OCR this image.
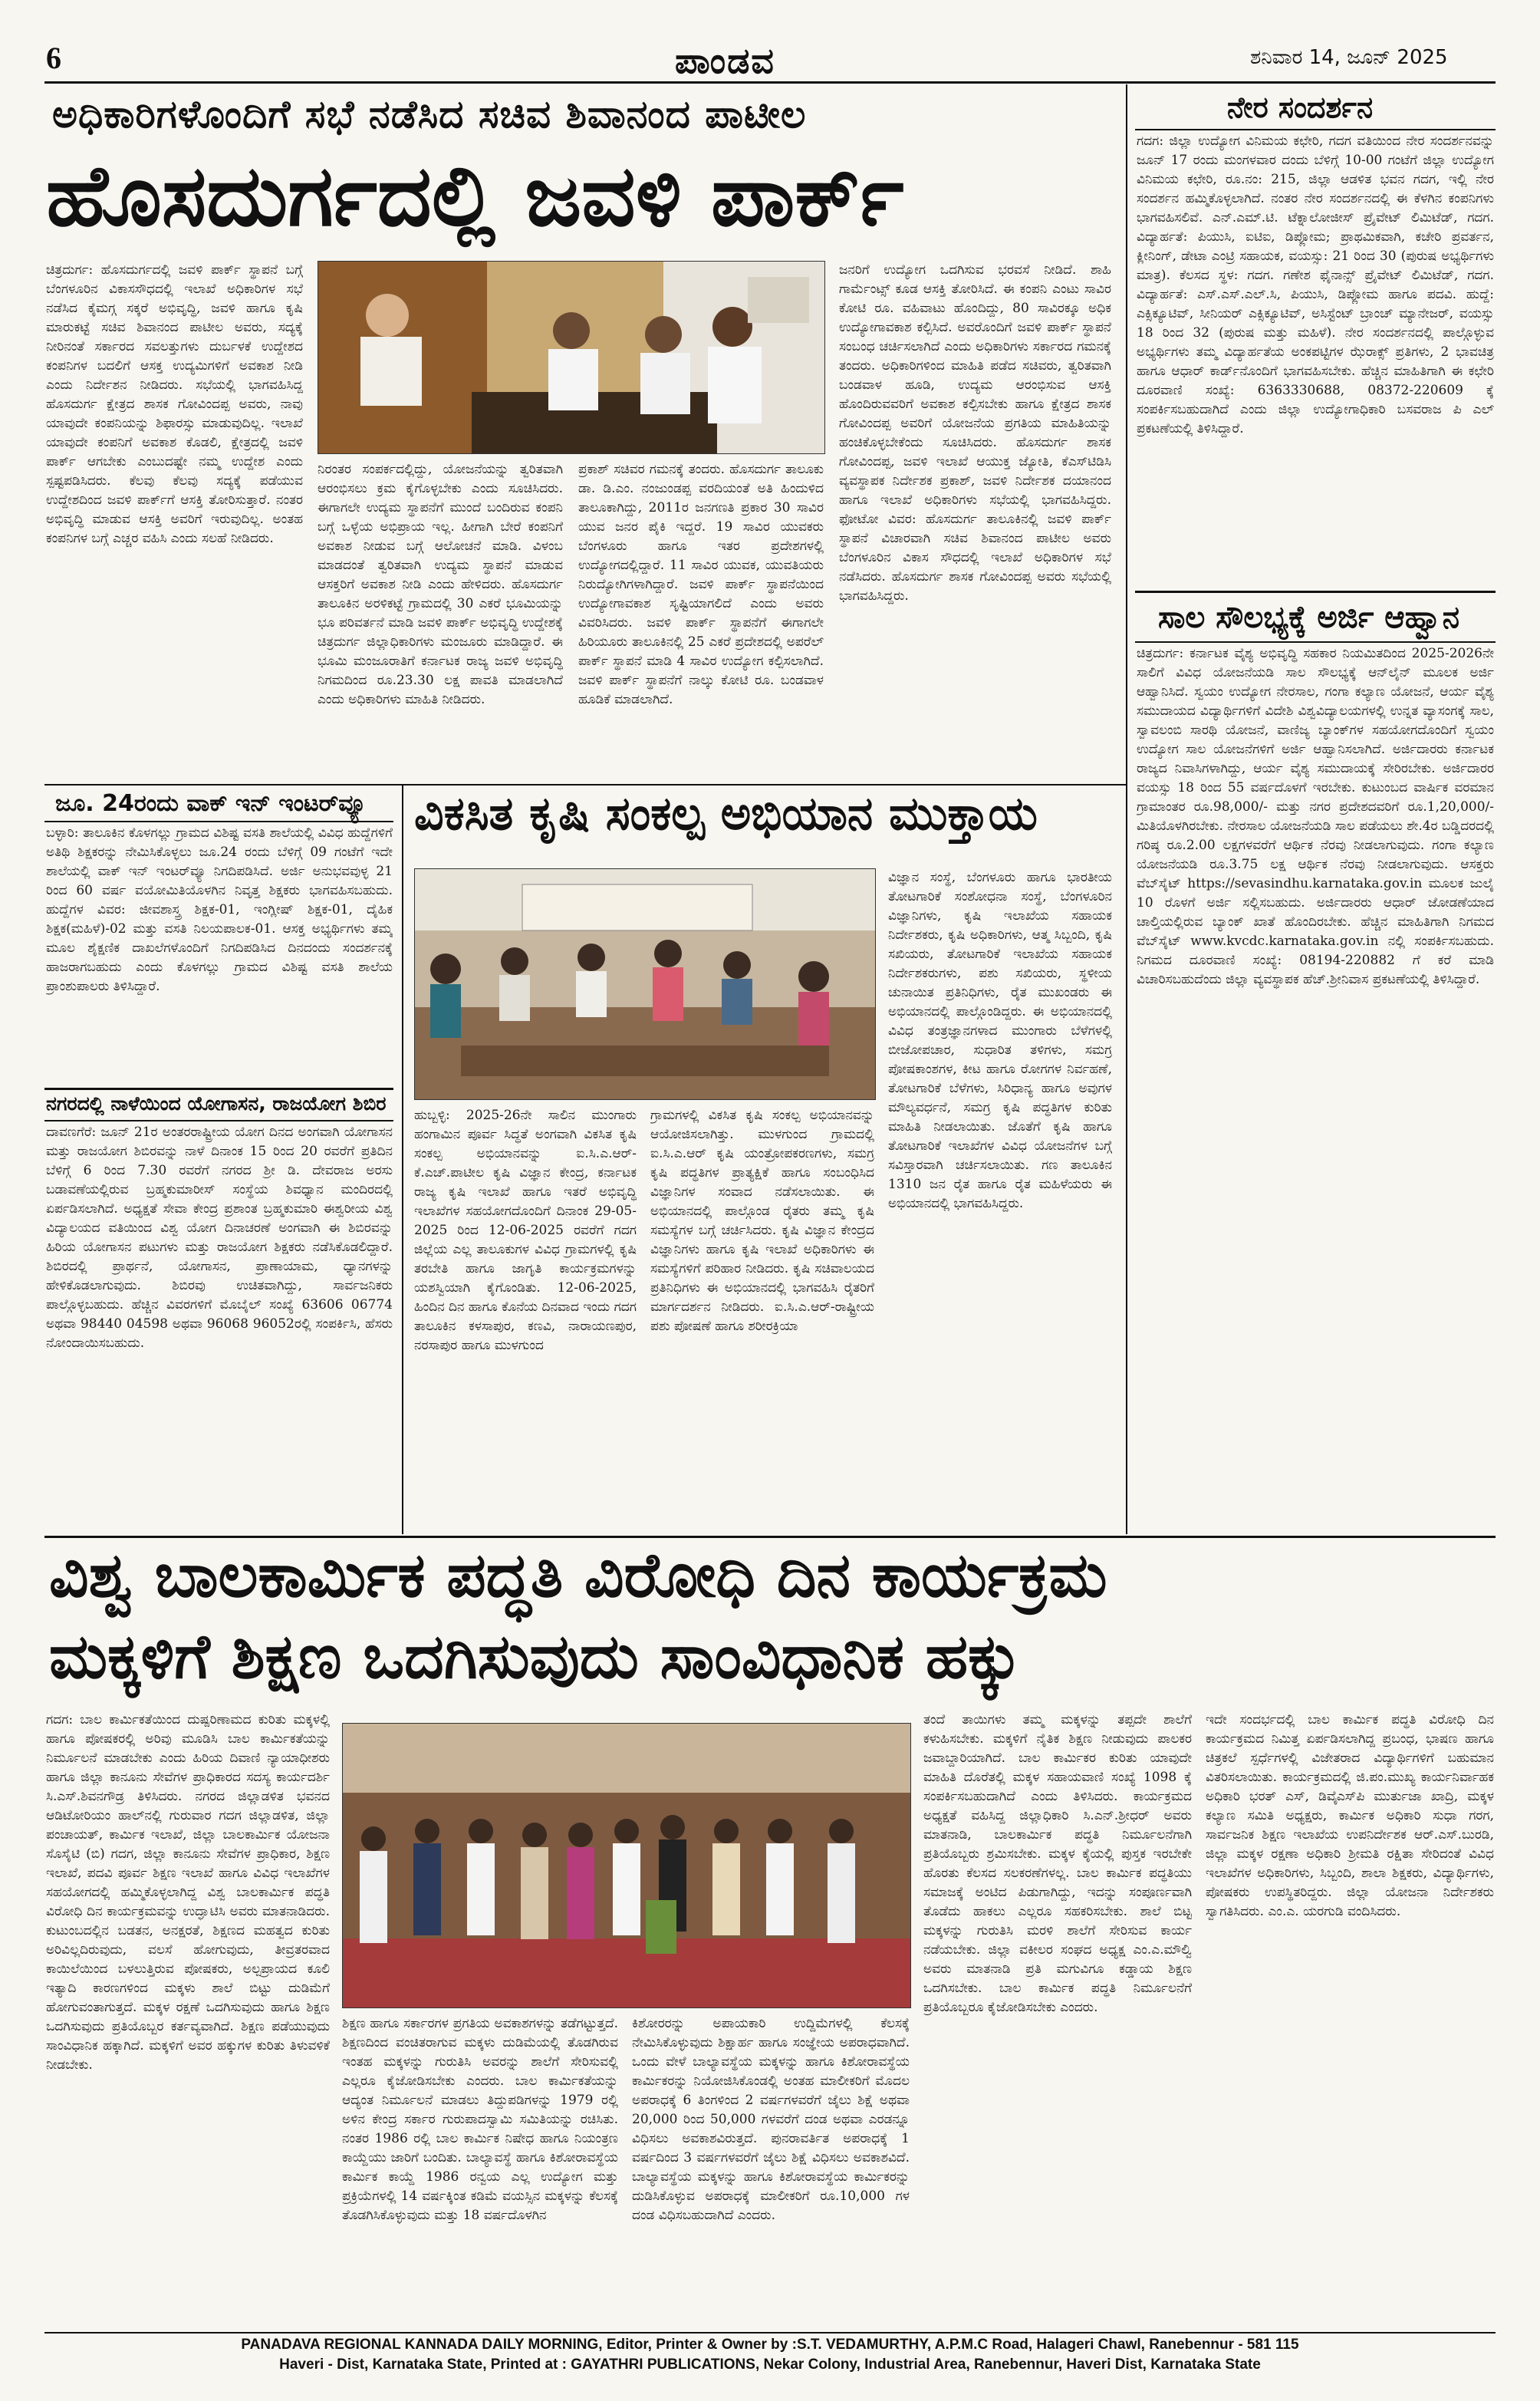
6	ಪಾಂಡವ	ಶನಿವಾರ 14, ಜೂನ್ 2025
ಅಧಿಕಾರಿಗಳೊಂದಿಗೆ ಸಭೆ ನಡೆಸಿದ ಸಚಿವ ಶಿವಾನಂದ ಪಾಟೀಲ
ಹೊಸದುರ್ಗದಲ್ಲಿ ಜವಳಿ ಪಾರ್ಕ್
ಚಿತ್ರದುರ್ಗ: ಹೊಸದುರ್ಗದಲ್ಲಿ ಜವಳಿ ಪಾರ್ಕ್ ಸ್ಥಾಪನೆ ಬಗ್ಗೆ ಬೆಂಗಳೂರಿನ ವಿಕಾಸಸೌಧದಲ್ಲಿ ಇಲಾಖೆ ಅಧಿಕಾರಿಗಳ ಸಭೆ ನಡೆಸಿದ ಕೈಮಗ್ಗ ಸಕ್ಕರೆ ಅಭಿವೃದ್ಧಿ, ಜವಳಿ ಹಾಗೂ ಕೃಷಿ ಮಾರುಕಟ್ಟೆ ಸಚಿವ ಶಿವಾನಂದ ಪಾಟೀಲ ಅವರು, ಸದ್ಯಕ್ಕೆ ನೀರಿನಂತೆ ಸರ್ಕಾರದ ಸವಲತ್ತುಗಳು ದುರ್ಬಳಕೆ ಉದ್ದೇಶದ ಕಂಪನಿಗಳ ಬದಲಿಗೆ ಆಸಕ್ತ ಉದ್ಯಮಿಗಳಿಗೆ ಅವಕಾಶ ನೀಡಿ ಎಂದು ನಿರ್ದೇಶನ ನೀಡಿದರು. ಸಭೆಯಲ್ಲಿ ಭಾಗವಹಿಸಿದ್ದ ಹೊಸದುರ್ಗ ಕ್ಷೇತ್ರದ ಶಾಸಕ ಗೋವಿಂದಪ್ಪ ಅವರು, ನಾವು ಯಾವುದೇ ಕಂಪನಿಯನ್ನು ಶಿಫಾರಸ್ಸು ಮಾಡುವುದಿಲ್ಲ. ಇಲಾಖೆ ಯಾವುದೇ ಕಂಪನಿಗೆ ಅವಕಾಶ ಕೊಡಲಿ, ಕ್ಷೇತ್ರದಲ್ಲಿ ಜವಳಿ ಪಾರ್ಕ್ ಆಗಬೇಕು ಎಂಬುದಷ್ಟೇ ನಮ್ಮ ಉದ್ದೇಶ ಎಂದು ಸ್ಪಷ್ಟಪಡಿಸಿದರು. ಕೆಲವು ಕೆಲವು ಸದ್ಯಕ್ಕೆ ಪಡೆಯುವ ಉದ್ದೇಶದಿಂದ ಜವಳಿ ಪಾರ್ಕ್‌ಗೆ ಆಸಕ್ತಿ ತೋರಿಸುತ್ತಾರೆ. ನಂತರ ಅಭಿವೃದ್ಧಿ ಮಾಡುವ ಆಸಕ್ತಿ ಅವರಿಗೆ ಇರುವುದಿಲ್ಲ. ಅಂತಹ ಕಂಪನಿಗಳ ಬಗ್ಗೆ ಎಚ್ಚರ ವಹಿಸಿ ಎಂದು ಸಲಹೆ ನೀಡಿದರು.
ನಿರಂತರ ಸಂಪರ್ಕದಲ್ಲಿದ್ದು, ಯೋಜನೆಯನ್ನು ತ್ವರಿತವಾಗಿ ಆರಂಭಿಸಲು ಕ್ರಮ ಕೈಗೊಳ್ಳಬೇಕು ಎಂದು ಸೂಚಿಸಿದರು. ಈಗಾಗಲೇ ಉದ್ಯಮ ಸ್ಥಾಪನೆಗೆ ಮುಂದೆ ಬಂದಿರುವ ಕಂಪನಿ ಬಗ್ಗೆ ಒಳ್ಳೆಯ ಅಭಿಪ್ರಾಯ ಇಲ್ಲ. ಹೀಗಾಗಿ ಬೇರೆ ಕಂಪನಿಗೆ ಅವಕಾಶ ನೀಡುವ ಬಗ್ಗೆ ಆಲೋಚನೆ ಮಾಡಿ. ವಿಳಂಬ ಮಾಡದಂತೆ ತ್ವರಿತವಾಗಿ ಉದ್ಯಮ ಸ್ಥಾಪನೆ ಮಾಡುವ ಆಸಕ್ತರಿಗೆ ಅವಕಾಶ ನೀಡಿ ಎಂದು ಹೇಳಿದರು. ಹೊಸದುರ್ಗ ತಾಲೂಕಿನ ಅರಳಿಕಟ್ಟೆ ಗ್ರಾಮದಲ್ಲಿ 30 ಎಕರೆ ಭೂಮಿಯನ್ನು ಭೂ ಪರಿವರ್ತನೆ ಮಾಡಿ ಜವಳಿ ಪಾರ್ಕ್ ಅಭಿವೃದ್ಧಿ ಉದ್ದೇಶಕ್ಕೆ ಚಿತ್ರದುರ್ಗ ಜಿಲ್ಲಾಧಿಕಾರಿಗಳು ಮಂಜೂರು ಮಾಡಿದ್ದಾರೆ. ಈ ಭೂಮಿ ಮಂಜೂರಾತಿಗೆ ಕರ್ನಾಟಕ ರಾಜ್ಯ ಜವಳಿ ಅಭಿವೃದ್ಧಿ ನಿಗಮದಿಂದ ರೂ.23.30 ಲಕ್ಷ ಪಾವತಿ ಮಾಡಲಾಗಿದೆ ಎಂದು ಅಧಿಕಾರಿಗಳು ಮಾಹಿತಿ ನೀಡಿದರು.
ಪ್ರಕಾಶ್ ಸಚಿವರ ಗಮನಕ್ಕೆ ತಂದರು. ಹೊಸದುರ್ಗ ತಾಲೂಕು ಡಾ. ಡಿ.ಎಂ. ನಂಜುಂಡಪ್ಪ ವರದಿಯಂತೆ ಅತಿ ಹಿಂದುಳಿದ ತಾಲೂಕಾಗಿದ್ದು, 2011ರ ಜನಗಣತಿ ಪ್ರಕಾರ 30 ಸಾವಿರ ಯುವ ಜನರ ಪೈಕಿ ಇದ್ದರೆ. 19 ಸಾವಿರ ಯುವಕರು ಬೆಂಗಳೂರು ಹಾಗೂ ಇತರ ಪ್ರದೇಶಗಳಲ್ಲಿ ಉದ್ಯೋಗದಲ್ಲಿದ್ದಾರೆ. 11 ಸಾವಿರ ಯುವಕ, ಯುವತಿಯರು ನಿರುದ್ಯೋಗಿಗಳಾಗಿದ್ದಾರೆ. ಜವಳಿ ಪಾರ್ಕ್ ಸ್ಥಾಪನೆಯಿಂದ ಉದ್ಯೋಗಾವಕಾಶ ಸೃಷ್ಟಿಯಾಗಲಿದೆ ಎಂದು ಅವರು ವಿವರಿಸಿದರು. ಜವಳಿ ಪಾರ್ಕ್ ಸ್ಥಾಪನೆಗೆ ಈಗಾಗಲೇ ಹಿರಿಯೂರು ತಾಲೂಕಿನಲ್ಲಿ 25 ಎಕರೆ ಪ್ರದೇಶದಲ್ಲಿ ಅಪರೆಲ್ ಪಾರ್ಕ್ ಸ್ಥಾಪನೆ ಮಾಡಿ 4 ಸಾವಿರ ಉದ್ಯೋಗ ಕಲ್ಪಿಸಲಾಗಿದೆ. ಜವಳಿ ಪಾರ್ಕ್ ಸ್ಥಾಪನೆಗೆ ನಾಲ್ಕು ಕೋಟಿ ರೂ. ಬಂಡವಾಳ ಹೂಡಿಕೆ ಮಾಡಲಾಗಿದೆ.
ಜನರಿಗೆ ಉದ್ಯೋಗ ಒದಗಿಸುವ ಭರವಸೆ ನೀಡಿದೆ. ಶಾಹಿ ಗಾರ್ಮೆಂಟ್ಸ್ ಕೂಡ ಆಸಕ್ತಿ ತೋರಿಸಿದೆ. ಈ ಕಂಪನಿ ಎಂಟು ಸಾವಿರ ಕೋಟಿ ರೂ. ವಹಿವಾಟು ಹೊಂದಿದ್ದು, 80 ಸಾವಿರಕ್ಕೂ ಅಧಿಕ ಉದ್ಯೋಗಾವಕಾಶ ಕಲ್ಪಿಸಿದೆ. ಅವರೊಂದಿಗೆ ಜವಳಿ ಪಾರ್ಕ್ ಸ್ಥಾಪನೆ ಸಂಬಂಧ ಚರ್ಚಿಸಲಾಗಿದೆ ಎಂದು ಅಧಿಕಾರಿಗಳು ಸರ್ಕಾರದ ಗಮನಕ್ಕೆ ತಂದರು. ಅಧಿಕಾರಿಗಳಿಂದ ಮಾಹಿತಿ ಪಡೆದ ಸಚಿವರು, ತ್ವರಿತವಾಗಿ ಬಂಡವಾಳ ಹೂಡಿ, ಉದ್ಯಮ ಆರಂಭಿಸುವ ಆಸಕ್ತಿ ಹೊಂದಿರುವವರಿಗೆ ಅವಕಾಶ ಕಲ್ಪಿಸಬೇಕು ಹಾಗೂ ಕ್ಷೇತ್ರದ ಶಾಸಕ ಗೋವಿಂದಪ್ಪ ಅವರಿಗೆ ಯೋಜನೆಯ ಪ್ರಗತಿಯ ಮಾಹಿತಿಯನ್ನು ಹಂಚಿಕೊಳ್ಳಬೇಕೆಂದು ಸೂಚಿಸಿದರು. ಹೊಸದುರ್ಗ ಶಾಸಕ ಗೋವಿಂದಪ್ಪ, ಜವಳಿ ಇಲಾಖೆ ಆಯುಕ್ತ ಜ್ಯೋತಿ, ಕೆಎಸ್‌ಟಿಡಿಸಿ ವ್ಯವಸ್ಥಾಪಕ ನಿರ್ದೇಶಕ ಪ್ರಕಾಶ್, ಜವಳಿ ನಿರ್ದೇಶಕ ದಯಾನಂದ ಹಾಗೂ ಇಲಾಖೆ ಅಧಿಕಾರಿಗಳು ಸಭೆಯಲ್ಲಿ ಭಾಗವಹಿಸಿದ್ದರು. ಫೋಟೋ ವಿವರ: ಹೊಸದುರ್ಗ ತಾಲೂಕಿನಲ್ಲಿ ಜವಳಿ ಪಾರ್ಕ್ ಸ್ಥಾಪನೆ ವಿಚಾರವಾಗಿ ಸಚಿವ ಶಿವಾನಂದ ಪಾಟೀಲ ಅವರು ಬೆಂಗಳೂರಿನ ವಿಕಾಸ ಸೌಧದಲ್ಲಿ ಇಲಾಖೆ ಅಧಿಕಾರಿಗಳ ಸಭೆ ನಡೆಸಿದರು. ಹೊಸದುರ್ಗ ಶಾಸಕ ಗೋವಿಂದಪ್ಪ ಅವರು ಸಭೆಯಲ್ಲಿ ಭಾಗವಹಿಸಿದ್ದರು.
ನೇರ ಸಂದರ್ಶನ
ಗದಗ: ಜಿಲ್ಲಾ ಉದ್ಯೋಗ ವಿನಿಮಯ ಕಛೇರಿ, ಗದಗ ವತಿಯಿಂದ ನೇರ ಸಂದರ್ಶನವನ್ನು ಜೂನ್ 17 ರಂದು ಮಂಗಳವಾರ ದಂದು ಬೆಳಿಗ್ಗೆ 10-00 ಗಂಟೆಗೆ ಜಿಲ್ಲಾ ಉದ್ಯೋಗ ವಿನಿಮಯ ಕಛೇರಿ, ರೂ.ನಂ: 215, ಜಿಲ್ಲಾ ಆಡಳಿತ ಭವನ ಗದಗ, ಇಲ್ಲಿ ನೇರ ಸಂದರ್ಶನ ಹಮ್ಮಿಕೊಳ್ಳಲಾಗಿದೆ. ನಂತರ ನೇರ ಸಂದರ್ಶನದಲ್ಲಿ ಈ ಕೆಳಗಿನ ಕಂಪನಿಗಳು ಭಾಗವಹಿಸಲಿವೆ. ಎನ್.ಎಮ್.ಟಿ. ಟೆಕ್ನಾಲೋಜೀಸ್ ಪ್ರೈವೇಟ್ ಲಿಮಿಟೆಡ್, ಗದಗ. ವಿದ್ಯಾರ್ಹತೆ: ಪಿಯುಸಿ, ಐಟಿಐ, ಡಿಪ್ಲೋಮ; ಪ್ರಾಥಮಿಕವಾಗಿ, ಕಚೇರಿ ಪ್ರವರ್ತನ, ಕ್ಲೀನಿಂಗ್, ಡೇಟಾ ಎಂಟ್ರಿ ಸಹಾಯಕ, ವಯಸ್ಸು: 21 ರಿಂದ 30 (ಪುರುಷ ಅಭ್ಯರ್ಥಿಗಳು ಮಾತ್ರ). ಕೆಲಸದ ಸ್ಥಳ: ಗದಗ. ಗಣೇಶ ಫೈನಾನ್ಸ್ ಪ್ರೈವೇಟ್ ಲಿಮಿಟೆಡ್, ಗದಗ. ವಿದ್ಯಾರ್ಹತೆ: ಎಸ್.ಎಸ್.ಎಲ್.ಸಿ, ಪಿಯುಸಿ, ಡಿಪ್ಲೋಮ ಹಾಗೂ ಪದವಿ. ಹುದ್ದೆ: ಎಕ್ಸಿಕ್ಯೂಟಿವ್, ಸೀನಿಯರ್ ಎಕ್ಸಿಕ್ಯೂಟಿವ್, ಅಸಿಸ್ಟೆಂಟ್ ಬ್ರಾಂಚ್ ಮ್ಯಾನೇಜರ್, ವಯಸ್ಸು 18 ರಿಂದ 32 (ಪುರುಷ ಮತ್ತು ಮಹಿಳೆ). ನೇರ ಸಂದರ್ಶನದಲ್ಲಿ ಪಾಲ್ಗೊಳ್ಳುವ ಅಭ್ಯರ್ಥಿಗಳು ತಮ್ಮ ವಿದ್ಯಾರ್ಹತೆಯ ಅಂಕಪಟ್ಟಿಗಳ ಝೆರಾಕ್ಸ್ ಪ್ರತಿಗಳು, 2 ಭಾವಚಿತ್ರ ಹಾಗೂ ಆಧಾರ್ ಕಾರ್ಡ್‌ನೊಂದಿಗೆ ಭಾಗವಹಿಸಬೇಕು. ಹೆಚ್ಚಿನ ಮಾಹಿತಿಗಾಗಿ ಈ ಕಛೇರಿ ದೂರವಾಣಿ ಸಂಖ್ಯೆ: 6363330688, 08372-220609 ಕ್ಕೆ ಸಂಪರ್ಕಿಸಬಹುದಾಗಿದೆ ಎಂದು ಜಿಲ್ಲಾ ಉದ್ಯೋಗಾಧಿಕಾರಿ ಬಸವರಾಜ ಪಿ ಎಲ್ ಪ್ರಕಟಣೆಯಲ್ಲಿ ತಿಳಿಸಿದ್ದಾರೆ.
ಸಾಲ ಸೌಲಭ್ಯಕ್ಕೆ ಅರ್ಜಿ ಆಹ್ವಾನ
ಚಿತ್ರದುರ್ಗ: ಕರ್ನಾಟಕ ವೈಶ್ಯ ಅಭಿವೃದ್ಧಿ ಸಹಕಾರ ನಿಯಮಿತದಿಂದ 2025-2026ನೇ ಸಾಲಿಗೆ ವಿವಿಧ ಯೋಜನೆಯಡಿ ಸಾಲ ಸೌಲಭ್ಯಕ್ಕೆ ಆನ್‌ಲೈನ್ ಮೂಲಕ ಅರ್ಜಿ ಆಹ್ವಾನಿಸಿದೆ. ಸ್ವಯಂ ಉದ್ಯೋಗ ನೇರಸಾಲ, ಗಂಗಾ ಕಲ್ಯಾಣ ಯೋಜನೆ, ಆರ್ಯ ವೈಶ್ಯ ಸಮುದಾಯದ ವಿದ್ಯಾರ್ಥಿಗಳಿಗೆ ವಿದೇಶಿ ವಿಶ್ವವಿದ್ಯಾಲಯಗಳಲ್ಲಿ ಉನ್ನತ ವ್ಯಾಸಂಗಕ್ಕೆ ಸಾಲ, ಸ್ವಾವಲಂಬಿ ಸಾರಥಿ ಯೋಜನೆ, ವಾಣಿಜ್ಯ ಬ್ಯಾಂಕ್‌ಗಳ ಸಹಯೋಗದೊಂದಿಗೆ ಸ್ವಯಂ ಉದ್ಯೋಗ ಸಾಲ ಯೋಜನೆಗಳಿಗೆ ಅರ್ಜಿ ಆಹ್ವಾನಿಸಲಾಗಿದೆ. ಅರ್ಜಿದಾರರು ಕರ್ನಾಟಕ ರಾಜ್ಯದ ನಿವಾಸಿಗಳಾಗಿದ್ದು, ಆರ್ಯ ವೈಶ್ಯ ಸಮುದಾಯಕ್ಕೆ ಸೇರಿರಬೇಕು. ಅರ್ಜಿದಾರರ ವಯಸ್ಸು 18 ರಿಂದ 55 ವರ್ಷದೊಳಗೆ ಇರಬೇಕು. ಕುಟುಂಬದ ವಾರ್ಷಿಕ ವರಮಾನ ಗ್ರಾಮಾಂತರ ರೂ.98,000/- ಮತ್ತು ನಗರ ಪ್ರದೇಶದವರಿಗೆ ರೂ.1,20,000/- ಮಿತಿಯೊಳಗಿರಬೇಕು. ನೇರಸಾಲ ಯೋಜನೆಯಡಿ ಸಾಲ ಪಡೆಯಲು ಶೇ.4ರ ಬಡ್ಡಿದರದಲ್ಲಿ ಗರಿಷ್ಠ ರೂ.2.00 ಲಕ್ಷಗಳವರೆಗೆ ಆರ್ಥಿಕ ನೆರವು ನೀಡಲಾಗುವುದು. ಗಂಗಾ ಕಲ್ಯಾಣ ಯೋಜನೆಯಡಿ ರೂ.3.75 ಲಕ್ಷ ಆರ್ಥಿಕ ನೆರವು ನೀಡಲಾಗುವುದು. ಆಸಕ್ತರು ವೆಬ್‌ಸೈಟ್ https://sevasindhu.karnataka.gov.in ಮೂಲಕ ಜುಲೈ 10 ರೊಳಗೆ ಅರ್ಜಿ ಸಲ್ಲಿಸಬಹುದು. ಅರ್ಜಿದಾರರು ಆಧಾರ್ ಜೋಡಣೆಯಾದ ಚಾಲ್ತಿಯಲ್ಲಿರುವ ಬ್ಯಾಂಕ್ ಖಾತೆ ಹೊಂದಿರಬೇಕು. ಹೆಚ್ಚಿನ ಮಾಹಿತಿಗಾಗಿ ನಿಗಮದ ವೆಬ್‌ಸೈಟ್ www.kvcdc.karnataka.gov.in ನಲ್ಲಿ ಸಂಪರ್ಕಿಸಬಹುದು. ನಿಗಮದ ದೂರವಾಣಿ ಸಂಖ್ಯೆ: 08194-220882 ಗೆ ಕರೆ ಮಾಡಿ ವಿಚಾರಿಸಬಹುದೆಂದು ಜಿಲ್ಲಾ ವ್ಯವಸ್ಥಾಪಕ ಹೆಚ್.ಶ್ರೀನಿವಾಸ ಪ್ರಕಟಣೆಯಲ್ಲಿ ತಿಳಿಸಿದ್ದಾರೆ.
ಜೂ. 24ರಂದು ವಾಕ್ ಇನ್ ಇಂಟರ್‌ವ್ಯೂ
ಬಳ್ಳಾರಿ: ತಾಲೂಕಿನ ಕೊಳಗಲ್ಲು ಗ್ರಾಮದ ವಿಶಿಷ್ಟ ವಸತಿ ಶಾಲೆಯಲ್ಲಿ ವಿವಿಧ ಹುದ್ದೆಗಳಿಗೆ ಅತಿಥಿ ಶಿಕ್ಷಕರನ್ನು ನೇಮಿಸಿಕೊಳ್ಳಲು ಜೂ.24 ರಂದು ಬೆಳಿಗ್ಗೆ 09 ಗಂಟೆಗೆ ಇದೇ ಶಾಲೆಯಲ್ಲಿ ವಾಕ್ ಇನ್ ಇಂಟರ್‌ವ್ಯೂ ನಿಗದಿಪಡಿಸಿದೆ. ಅರ್ಜಿ ಅನುಭವವುಳ್ಳ 21 ರಿಂದ 60 ವರ್ಷ ವಯೋಮಿತಿಯೊಳಗಿನ ನಿವೃತ್ತ ಶಿಕ್ಷಕರು ಭಾಗವಹಿಸಬಹುದು. ಹುದ್ದೆಗಳ ವಿವರ: ಜೀವಶಾಸ್ತ್ರ ಶಿಕ್ಷಕ-01, ಇಂಗ್ಲೀಷ್ ಶಿಕ್ಷಕ-01, ದೈಹಿಕ ಶಿಕ್ಷಕ(ಮಹಿಳೆ)-02 ಮತ್ತು ವಸತಿ ನಿಲಯಪಾಲಕ-01. ಆಸಕ್ತ ಅಭ್ಯರ್ಥಿಗಳು ತಮ್ಮ ಮೂಲ ಶೈಕ್ಷಣಿಕ ದಾಖಲೆಗಳೊಂದಿಗೆ ನಿಗದಿಪಡಿಸಿದ ದಿನದಂದು ಸಂದರ್ಶನಕ್ಕೆ ಹಾಜರಾಗಬಹುದು ಎಂದು ಕೊಳಗಲ್ಲು ಗ್ರಾಮದ ವಿಶಿಷ್ಟ ವಸತಿ ಶಾಲೆಯ ಪ್ರಾಂಶುಪಾಲರು ತಿಳಿಸಿದ್ದಾರೆ.
ನಗರದಲ್ಲಿ ನಾಳೆಯಿಂದ ಯೋಗಾಸನ, ರಾಜಯೋಗ ಶಿಬಿರ
ದಾವಣಗೆರೆ: ಜೂನ್ 21ರ ಅಂತರರಾಷ್ಟ್ರೀಯ ಯೋಗ ದಿನದ ಅಂಗವಾಗಿ ಯೋಗಾಸನ ಮತ್ತು ರಾಜಯೋಗ ಶಿಬಿರವನ್ನು ನಾಳೆ ದಿನಾಂಕ 15 ರಿಂದ 20 ರವರೆಗೆ ಪ್ರತಿದಿನ ಬೆಳಿಗ್ಗೆ 6 ರಿಂದ 7.30 ರವರೆಗೆ ನಗರದ ಶ್ರೀ ಡಿ. ದೇವರಾಜ ಅರಸು ಬಡಾವಣೆಯಲ್ಲಿರುವ ಬ್ರಹ್ಮಕುಮಾರೀಸ್ ಸಂಸ್ಥೆಯ ಶಿವಧ್ಯಾನ ಮಂದಿರದಲ್ಲಿ ಏರ್ಪಡಿಸಲಾಗಿದೆ. ಅಧ್ಯಕ್ಷತೆ ಸೇವಾ ಕೇಂದ್ರ ಪ್ರಶಾಂತ ಬ್ರಹ್ಮಕುಮಾರಿ ಈಶ್ವರೀಯ ವಿಶ್ವ ವಿದ್ಯಾಲಯದ ವತಿಯಿಂದ ವಿಶ್ವ ಯೋಗ ದಿನಾಚರಣೆ ಅಂಗವಾಗಿ ಈ ಶಿಬಿರವನ್ನು ಹಿರಿಯ ಯೋಗಾಸನ ಪಟುಗಳು ಮತ್ತು ರಾಜಯೋಗ ಶಿಕ್ಷಕರು ನಡೆಸಿಕೊಡಲಿದ್ದಾರೆ. ಶಿಬಿರದಲ್ಲಿ ಪ್ರಾರ್ಥನೆ, ಯೋಗಾಸನ, ಪ್ರಾಣಾಯಾಮ, ಧ್ಯಾನಗಳನ್ನು ಹೇಳಿಕೊಡಲಾಗುವುದು. ಶಿಬಿರವು ಉಚಿತವಾಗಿದ್ದು, ಸಾರ್ವಜನಿಕರು ಪಾಲ್ಗೊಳ್ಳಬಹುದು. ಹೆಚ್ಚಿನ ವಿವರಗಳಿಗೆ ಮೊಬೈಲ್ ಸಂಖ್ಯೆ 63606 06774 ಅಥವಾ 98440 04598 ಅಥವಾ 96068 96052ರಲ್ಲಿ ಸಂಪರ್ಕಿಸಿ, ಹೆಸರು ನೋಂದಾಯಿಸಬಹುದು.
ವಿಕಸಿತ ಕೃಷಿ ಸಂಕಲ್ಪ ಅಭಿಯಾನ ಮುಕ್ತಾಯ
ಹುಬ್ಬಳ್ಳಿ: 2025-26ನೇ ಸಾಲಿನ ಮುಂಗಾರು ಹಂಗಾಮಿನ ಪೂರ್ವ ಸಿದ್ಧತೆ ಅಂಗವಾಗಿ ವಿಕಸಿತ ಕೃಷಿ ಸಂಕಲ್ಪ ಅಭಿಯಾನವನ್ನು ಐ.ಸಿ.ಎ.ಆರ್-ಕೆ.ಎಚ್.ಪಾಟೀಲ ಕೃಷಿ ವಿಜ್ಞಾನ ಕೇಂದ್ರ, ಕರ್ನಾಟಕ ರಾಜ್ಯ ಕೃಷಿ ಇಲಾಖೆ ಹಾಗೂ ಇತರೆ ಅಭಿವೃದ್ಧಿ ಇಲಾಖೆಗಳ ಸಹಯೋಗದೊಂದಿಗೆ ದಿನಾಂಕ 29-05-2025 ರಿಂದ 12-06-2025 ರವರೆಗೆ ಗದಗ ಜಿಲ್ಲೆಯ ಎಲ್ಲ ತಾಲೂಕುಗಳ ವಿವಿಧ ಗ್ರಾಮಗಳಲ್ಲಿ ಕೃಷಿ ತರಬೇತಿ ಹಾಗೂ ಜಾಗೃತಿ ಕಾರ್ಯಕ್ರಮಗಳನ್ನು ಯಶಸ್ವಿಯಾಗಿ ಕೈಗೊಂಡಿತು. 12-06-2025, ಹಿಂದಿನ ದಿನ ಹಾಗೂ ಕೊನೆಯ ದಿನವಾದ ಇಂದು ಗದಗ ತಾಲೂಕಿನ ಕಳಸಾಪುರ, ಕಣವಿ, ನಾರಾಯಣಪುರ, ನರಸಾಪುರ ಹಾಗೂ ಮುಳಗುಂದ
ಗ್ರಾಮಗಳಲ್ಲಿ ವಿಕಸಿತ ಕೃಷಿ ಸಂಕಲ್ಪ ಅಭಿಯಾನವನ್ನು ಆಯೋಜಿಸಲಾಗಿತ್ತು. ಮುಳಗುಂದ ಗ್ರಾಮದಲ್ಲಿ ಐ.ಸಿ.ಎ.ಆರ್ ಕೃಷಿ ಯಂತ್ರೋಪಕರಣಗಳು, ಸಮಗ್ರ ಕೃಷಿ ಪದ್ಧತಿಗಳ ಪ್ರಾತ್ಯಕ್ಷಿಕೆ ಹಾಗೂ ಸಂಬಂಧಿಸಿದ ವಿಜ್ಞಾನಿಗಳ ಸಂವಾದ ನಡೆಸಲಾಯಿತು. ಈ ಅಭಿಯಾನದಲ್ಲಿ ಪಾಲ್ಗೊಂಡ ರೈತರು ತಮ್ಮ ಕೃಷಿ ಸಮಸ್ಯೆಗಳ ಬಗ್ಗೆ ಚರ್ಚಿಸಿದರು. ಕೃಷಿ ವಿಜ್ಞಾನ ಕೇಂದ್ರದ ವಿಜ್ಞಾನಿಗಳು ಹಾಗೂ ಕೃಷಿ ಇಲಾಖೆ ಅಧಿಕಾರಿಗಳು ಈ ಸಮಸ್ಯೆಗಳಿಗೆ ಪರಿಹಾರ ನೀಡಿದರು. ಕೃಷಿ ಸಚಿವಾಲಯದ ಪ್ರತಿನಿಧಿಗಳು ಈ ಅಭಿಯಾನದಲ್ಲಿ ಭಾಗವಹಿಸಿ ರೈತರಿಗೆ ಮಾರ್ಗದರ್ಶನ ನೀಡಿದರು. ಐ.ಸಿ.ಎ.ಆರ್-ರಾಷ್ಟ್ರೀಯ ಪಶು ಪೋಷಣೆ ಹಾಗೂ ಶರೀರಕ್ರಿಯಾ
ವಿಜ್ಞಾನ ಸಂಸ್ಥೆ, ಬೆಂಗಳೂರು ಹಾಗೂ ಭಾರತೀಯ ತೋಟಗಾರಿಕೆ ಸಂಶೋಧನಾ ಸಂಸ್ಥೆ, ಬೆಂಗಳೂರಿನ ವಿಜ್ಞಾನಿಗಳು, ಕೃಷಿ ಇಲಾಖೆಯ ಸಹಾಯಕ ನಿರ್ದೇಶಕರು, ಕೃಷಿ ಅಧಿಕಾರಿಗಳು, ಆತ್ಮ ಸಿಬ್ಬಂದಿ, ಕೃಷಿ ಸಖಿಯರು, ತೋಟಗಾರಿಕೆ ಇಲಾಖೆಯ ಸಹಾಯಕ ನಿರ್ದೇಶಕರುಗಳು, ಪಶು ಸಖಿಯರು, ಸ್ಥಳೀಯ ಚುನಾಯಿತ ಪ್ರತಿನಿಧಿಗಳು, ರೈತ ಮುಖಂಡರು ಈ ಅಭಿಯಾನದಲ್ಲಿ ಪಾಲ್ಗೊಂಡಿದ್ದರು. ಈ ಅಭಿಯಾನದಲ್ಲಿ ವಿವಿಧ ತಂತ್ರಜ್ಞಾನಗಳಾದ ಮುಂಗಾರು ಬೆಳೆಗಳಲ್ಲಿ ಬೀಜೋಪಚಾರ, ಸುಧಾರಿತ ತಳಿಗಳು, ಸಮಗ್ರ ಪೋಷಕಾಂಶಗಳ, ಕೀಟ ಹಾಗೂ ರೋಗಗಳ ನಿರ್ವಹಣೆ, ತೋಟಗಾರಿಕೆ ಬೆಳೆಗಳು, ಸಿರಿಧಾನ್ಯ ಹಾಗೂ ಅವುಗಳ ಮೌಲ್ಯವರ್ಧನೆ, ಸಮಗ್ರ ಕೃಷಿ ಪದ್ಧತಿಗಳ ಕುರಿತು ಮಾಹಿತಿ ನೀಡಲಾಯಿತು. ಜೊತೆಗೆ ಕೃಷಿ ಹಾಗೂ ತೋಟಗಾರಿಕೆ ಇಲಾಖೆಗಳ ವಿವಿಧ ಯೋಜನೆಗಳ ಬಗ್ಗೆ ಸವಿಸ್ತಾರವಾಗಿ ಚರ್ಚಿಸಲಾಯಿತು. ಗಣ ತಾಲೂಕಿನ 1310 ಜನ ರೈತ ಹಾಗೂ ರೈತ ಮಹಿಳೆಯರು ಈ ಅಭಿಯಾನದಲ್ಲಿ ಭಾಗವಹಿಸಿದ್ದರು.
ವಿಶ್ವ ಬಾಲಕಾರ್ಮಿಕ ಪದ್ಧತಿ ವಿರೋಧಿ ದಿನ ಕಾರ್ಯಕ್ರಮ
ಮಕ್ಕಳಿಗೆ ಶಿಕ್ಷಣ ಒದಗಿಸುವುದು ಸಾಂವಿಧಾನಿಕ ಹಕ್ಕು
ಗದಗ: ಬಾಲ ಕಾರ್ಮಿಕತೆಯಿಂದ ದುಷ್ಪರಿಣಾಮದ ಕುರಿತು ಮಕ್ಕಳಲ್ಲಿ ಹಾಗೂ ಪೋಷಕರಲ್ಲಿ ಅರಿವು ಮೂಡಿಸಿ ಬಾಲ ಕಾರ್ಮಿಕತೆಯನ್ನು ನಿರ್ಮೂಲನೆ ಮಾಡಬೇಕು ಎಂದು ಹಿರಿಯ ದಿವಾಣಿ ನ್ಯಾಯಾಧೀಶರು ಹಾಗೂ ಜಿಲ್ಲಾ ಕಾನೂನು ಸೇವೆಗಳ ಪ್ರಾಧಿಕಾರದ ಸದಸ್ಯ ಕಾರ್ಯದರ್ಶಿ ಸಿ.ಎಸ್.ಶಿವನಗೌಡ್ರ ತಿಳಿಸಿದರು. ನಗರದ ಜಿಲ್ಲಾಡಳಿತ ಭವನದ ಆಡಿಟೋರಿಯಂ ಹಾಲ್‌ನಲ್ಲಿ ಗುರುವಾರ ಗದಗ ಜಿಲ್ಲಾಡಳಿತ, ಜಿಲ್ಲಾ ಪಂಚಾಯತ್, ಕಾರ್ಮಿಕ ಇಲಾಖೆ, ಜಿಲ್ಲಾ ಬಾಲಕಾರ್ಮಿಕ ಯೋಜನಾ ಸೊಸೈಟಿ (ಬಿ) ಗದಗ, ಜಿಲ್ಲಾ ಕಾನೂನು ಸೇವೆಗಳ ಪ್ರಾಧಿಕಾರ, ಶಿಕ್ಷಣ ಇಲಾಖೆ, ಪದವಿ ಪೂರ್ವ ಶಿಕ್ಷಣ ಇಲಾಖೆ ಹಾಗೂ ವಿವಿಧ ಇಲಾಖೆಗಳ ಸಹಯೋಗದಲ್ಲಿ ಹಮ್ಮಿಕೊಳ್ಳಲಾಗಿದ್ದ ವಿಶ್ವ ಬಾಲಕಾರ್ಮಿಕ ಪದ್ಧತಿ ವಿರೋಧಿ ದಿನ ಕಾರ್ಯಕ್ರಮವನ್ನು ಉದ್ಘಾಟಿಸಿ ಅವರು ಮಾತನಾಡಿದರು. ಕುಟುಂಬದಲ್ಲಿನ ಬಡತನ, ಅನಕ್ಷರತೆ, ಶಿಕ್ಷಣದ ಮಹತ್ವದ ಕುರಿತು ಅರಿವಿಲ್ಲದಿರುವುದು, ವಲಸೆ ಹೋಗುವುದು, ತೀವ್ರತರವಾದ ಕಾಯಿಲೆಯಿಂದ ಬಳಲುತ್ತಿರುವ ಪೋಷಕರು, ಅಲ್ಪಪ್ರಾಯದ ಕೂಲಿ ಇತ್ಯಾದಿ ಕಾರಣಗಳಿಂದ ಮಕ್ಕಳು ಶಾಲೆ ಬಿಟ್ಟು ದುಡಿಮೆಗೆ ಹೋಗುವಂತಾಗುತ್ತದೆ. ಮಕ್ಕಳ ರಕ್ಷಣೆ ಒದಗಿಸುವುದು ಹಾಗೂ ಶಿಕ್ಷಣ ಒದಗಿಸುವುದು ಪ್ರತಿಯೊಬ್ಬರ ಕರ್ತವ್ಯವಾಗಿದೆ. ಶಿಕ್ಷಣ ಪಡೆಯುವುದು ಸಾಂವಿಧಾನಿಕ ಹಕ್ಕಾಗಿದೆ. ಮಕ್ಕಳಿಗೆ ಅವರ ಹಕ್ಕುಗಳ ಕುರಿತು ತಿಳುವಳಿಕೆ ನೀಡಬೇಕು.
ಶಿಕ್ಷಣ ಹಾಗೂ ಸರ್ಕಾರಗಳ ಪ್ರಗತಿಯ ಅವಕಾಶಗಳನ್ನು ತಡೆಗಟ್ಟುತ್ತದೆ. ಶಿಕ್ಷಣದಿಂದ ವಂಚಿತರಾಗುವ ಮಕ್ಕಳು ದುಡಿಮೆಯಲ್ಲಿ ತೊಡಗಿರುವ ಇಂತಹ ಮಕ್ಕಳನ್ನು ಗುರುತಿಸಿ ಅವರನ್ನು ಶಾಲೆಗೆ ಸೇರಿಸುವಲ್ಲಿ ಎಲ್ಲರೂ ಕೈಜೋಡಿಸಬೇಕು ಎಂದರು. ಬಾಲ ಕಾರ್ಮಿಕತೆಯನ್ನು ಆದ್ಯಂತ ನಿರ್ಮೂಲನೆ ಮಾಡಲು ತಿದ್ದುಪಡಿಗಳನ್ನು 1979 ರಲ್ಲಿ ಅಳಿನ ಕೇಂದ್ರ ಸರ್ಕಾರ ಗುರುಪಾದಸ್ವಾಮಿ ಸಮಿತಿಯನ್ನು ರಚಿಸಿತು. ನಂತರ 1986 ರಲ್ಲಿ ಬಾಲ ಕಾರ್ಮಿಕ ನಿಷೇಧ ಹಾಗೂ ನಿಯಂತ್ರಣ ಕಾಯ್ದೆಯು ಜಾರಿಗೆ ಬಂದಿತು. ಬಾಲ್ಯಾವಸ್ಥೆ ಹಾಗೂ ಕಿಶೋರಾವಸ್ಥೆಯ ಕಾರ್ಮಿಕ ಕಾಯ್ದೆ 1986 ರನ್ವಯ ಎಲ್ಲ ಉದ್ಯೋಗ ಮತ್ತು ಪ್ರಕ್ರಿಯೆಗಳಲ್ಲಿ 14 ವರ್ಷಕ್ಕಿಂತ ಕಡಿಮೆ ವಯಸ್ಸಿನ ಮಕ್ಕಳನ್ನು ಕೆಲಸಕ್ಕೆ ತೊಡಗಿಸಿಕೊಳ್ಳುವುದು ಮತ್ತು 18 ವರ್ಷದೊಳಗಿನ
ಕಿಶೋರರನ್ನು ಅಪಾಯಕಾರಿ ಉದ್ದಿಮೆಗಳಲ್ಲಿ ಕೆಲಸಕ್ಕೆ ನೇಮಿಸಿಕೊಳ್ಳುವುದು ಶಿಕ್ಷಾರ್ಹ ಹಾಗೂ ಸಂಜ್ಞೇಯ ಅಪರಾಧವಾಗಿದೆ. ಒಂದು ವೇಳೆ ಬಾಲ್ಯಾವಸ್ಥೆಯ ಮಕ್ಕಳನ್ನು ಹಾಗೂ ಕಿಶೋರಾವಸ್ಥೆಯ ಕಾರ್ಮಿಕರನ್ನು ನಿಯೋಜಿಸಿಕೊಂಡಲ್ಲಿ ಅಂತಹ ಮಾಲೀಕರಿಗೆ ಮೊದಲ ಅಪರಾಧಕ್ಕೆ 6 ತಿಂಗಳಿಂದ 2 ವರ್ಷಗಳವರೆಗೆ ಜೈಲು ಶಿಕ್ಷೆ ಅಥವಾ 20,000 ರಿಂದ 50,000 ಗಳವರೆಗೆ ದಂಡ ಅಥವಾ ಎರಡನ್ನೂ ವಿಧಿಸಲು ಅವಕಾಶವಿರುತ್ತದೆ. ಪುನರಾವರ್ತಿತ ಅಪರಾಧಕ್ಕೆ 1 ವರ್ಷದಿಂದ 3 ವರ್ಷಗಳವರೆಗೆ ಜೈಲು ಶಿಕ್ಷೆ ವಿಧಿಸಲು ಅವಕಾಶವಿದೆ. ಬಾಲ್ಯಾವಸ್ಥೆಯ ಮಕ್ಕಳನ್ನು ಹಾಗೂ ಕಿಶೋರಾವಸ್ಥೆಯ ಕಾರ್ಮಿಕರನ್ನು ದುಡಿಸಿಕೊಳ್ಳುವ ಅಪರಾಧಕ್ಕೆ ಮಾಲೀಕರಿಗೆ ರೂ.10,000 ಗಳ ದಂಡ ವಿಧಿಸಬಹುದಾಗಿದೆ ಎಂದರು.
ತಂದೆ ತಾಯಿಗಳು ತಮ್ಮ ಮಕ್ಕಳನ್ನು ತಪ್ಪದೇ ಶಾಲೆಗೆ ಕಳುಹಿಸಬೇಕು. ಮಕ್ಕಳಿಗೆ ನೈತಿಕ ಶಿಕ್ಷಣ ನೀಡುವುದು ಪಾಲಕರ ಜವಾಬ್ದಾರಿಯಾಗಿದೆ. ಬಾಲ ಕಾರ್ಮಿಕರ ಕುರಿತು ಯಾವುದೇ ಮಾಹಿತಿ ದೊರೆತಲ್ಲಿ ಮಕ್ಕಳ ಸಹಾಯವಾಣಿ ಸಂಖ್ಯೆ 1098 ಕ್ಕೆ ಸಂಪರ್ಕಿಸಬಹುದಾಗಿದೆ ಎಂದು ತಿಳಿಸಿದರು. ಕಾರ್ಯಕ್ರಮದ ಅಧ್ಯಕ್ಷತೆ ವಹಿಸಿದ್ದ ಜಿಲ್ಲಾಧಿಕಾರಿ ಸಿ.ಎನ್.ಶ್ರೀಧರ್ ಅವರು ಮಾತನಾಡಿ, ಬಾಲಕಾರ್ಮಿಕ ಪದ್ಧತಿ ನಿರ್ಮೂಲನೆಗಾಗಿ ಪ್ರತಿಯೊಬ್ಬರು ಶ್ರಮಿಸಬೇಕು. ಮಕ್ಕಳ ಕೈಯಲ್ಲಿ ಪುಸ್ತಕ ಇರಬೇಕೇ ಹೊರತು ಕೆಲಸದ ಸಲಕರಣೆಗಳಲ್ಲ. ಬಾಲ ಕಾರ್ಮಿಕ ಪದ್ಧತಿಯು ಸಮಾಜಕ್ಕೆ ಅಂಟಿದ ಪಿಡುಗಾಗಿದ್ದು, ಇದನ್ನು ಸಂಪೂರ್ಣವಾಗಿ ತೊಡೆದು ಹಾಕಲು ಎಲ್ಲರೂ ಸಹಕರಿಸಬೇಕು. ಶಾಲೆ ಬಿಟ್ಟ ಮಕ್ಕಳನ್ನು ಗುರುತಿಸಿ ಮರಳಿ ಶಾಲೆಗೆ ಸೇರಿಸುವ ಕಾರ್ಯ ನಡೆಯಬೇಕು. ಜಿಲ್ಲಾ ವಕೀಲರ ಸಂಘದ ಅಧ್ಯಕ್ಷ ಎಂ.ಎ.ಮೌಲ್ವಿ ಅವರು ಮಾತನಾಡಿ ಪ್ರತಿ ಮಗುವಿಗೂ ಕಡ್ಡಾಯ ಶಿಕ್ಷಣ ಒದಗಿಸಬೇಕು. ಬಾಲ ಕಾರ್ಮಿಕ ಪದ್ಧತಿ ನಿರ್ಮೂಲನೆಗೆ ಪ್ರತಿಯೊಬ್ಬರೂ ಕೈಜೋಡಿಸಬೇಕು ಎಂದರು.
ಇದೇ ಸಂದರ್ಭದಲ್ಲಿ ಬಾಲ ಕಾರ್ಮಿಕ ಪದ್ಧತಿ ವಿರೋಧಿ ದಿನ ಕಾರ್ಯಕ್ರಮದ ನಿಮಿತ್ತ ಏರ್ಪಡಿಸಲಾಗಿದ್ದ ಪ್ರಬಂಧ, ಭಾಷಣ ಹಾಗೂ ಚಿತ್ರಕಲೆ ಸ್ಪರ್ಧೆಗಳಲ್ಲಿ ವಿಜೇತರಾದ ವಿದ್ಯಾರ್ಥಿಗಳಿಗೆ ಬಹುಮಾನ ವಿತರಿಸಲಾಯಿತು. ಕಾರ್ಯಕ್ರಮದಲ್ಲಿ ಜಿ.ಪಂ.ಮುಖ್ಯ ಕಾರ್ಯನಿರ್ವಾಹಕ ಅಧಿಕಾರಿ ಭರತ್ ಎಸ್, ಡಿವೈಎಸ್‌ಪಿ ಮುರ್ತುಜಾ ಖಾದ್ರಿ, ಮಕ್ಕಳ ಕಲ್ಯಾಣ ಸಮಿತಿ ಅಧ್ಯಕ್ಷರು, ಕಾರ್ಮಿಕ ಅಧಿಕಾರಿ ಸುಧಾ ಗರಗ, ಸಾರ್ವಜನಿಕ ಶಿಕ್ಷಣ ಇಲಾಖೆಯ ಉಪನಿರ್ದೇಶಕ ಆರ್.ಎಸ್.ಬುರಡಿ, ಜಿಲ್ಲಾ ಮಕ್ಕಳ ರಕ್ಷಣಾ ಅಧಿಕಾರಿ ಶ್ರೀಮತಿ ರಕ್ಷಿತಾ ಸೇರಿದಂತೆ ವಿವಿಧ ಇಲಾಖೆಗಳ ಅಧಿಕಾರಿಗಳು, ಸಿಬ್ಬಂದಿ, ಶಾಲಾ ಶಿಕ್ಷಕರು, ವಿದ್ಯಾರ್ಥಿಗಳು, ಪೋಷಕರು ಉಪಸ್ಥಿತರಿದ್ದರು. ಜಿಲ್ಲಾ ಯೋಜನಾ ನಿರ್ದೇಶಕರು ಸ್ವಾಗತಿಸಿದರು. ಎಂ.ಎ. ಯರಗುಡಿ ವಂದಿಸಿದರು.
PANADAVA REGIONAL KANNADA DAILY MORNING, Editor, Printer & Owner by :S.T. VEDAMURTHY, A.P.M.C Road, Halageri Chawl, Ranebennur - 581 115
Haveri - Dist, Karnataka State, Printed at : GAYATHRI PUBLICATIONS, Nekar Colony, Industrial Area, Ranebennur, Haveri Dist, Karnataka State
